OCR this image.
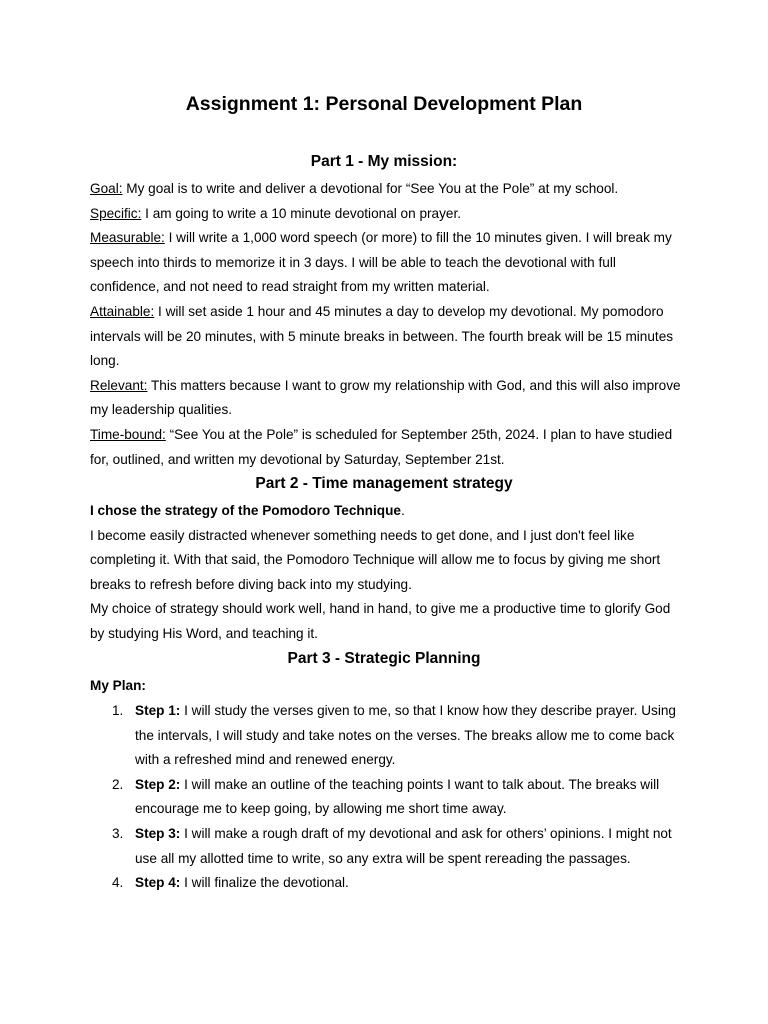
Assignment 1: Personal Development Plan
Part 1 - My mission:

Goal: My goal is to write and deliver a devotional for “See You at the Pole” at my school.

Specific: I am going to write a 10 minute devotional on prayer.

Measurable: I will write a 1,000 word speech (or more) to fill the 10 minutes given. I will break my speech into thirds to memorize it in 3 days. I will be able to teach the devotional with full confidence, and not need to read straight from my written material.

Attainable: I will set aside 1 hour and 45 minutes a day to develop my devotional. My pomodoro intervals will be 20 minutes, with 5 minute breaks in between. The fourth break will be 15 minutes long.

Relevant: This matters because I want to grow my relationship with God, and this will also improve my leadership qualities.

Time-bound: “See You at the Pole” is scheduled for September 25th, 2024. I plan to have studied for, outlined, and written my devotional by Saturday, September 21st.

Part 2 - Time management strategy

I chose the strategy of the Pomodoro Technique.

I become easily distracted whenever something needs to get done, and I just don't feel like completing it. With that said, the Pomodoro Technique will allow me to focus by giving me short breaks to refresh before diving back into my studying.

My choice of strategy should work well, hand in hand, to give me a productive time to glorify God by studying His Word, and teaching it.

Part 3 - Strategic Planning

My Plan:

1. Step 1: I will study the verses given to me, so that I know how they describe prayer. Using the intervals, I will study and take notes on the verses. The breaks allow me to come back with a refreshed mind and renewed energy.
2. Step 2: I will make an outline of the teaching points I want to talk about. The breaks will encourage me to keep going, by allowing me short time away.
3. Step 3: I will make a rough draft of my devotional and ask for others’ opinions. I might not use all my allotted time to write, so any extra will be spent rereading the passages.
4. Step 4: I will finalize the devotional.
